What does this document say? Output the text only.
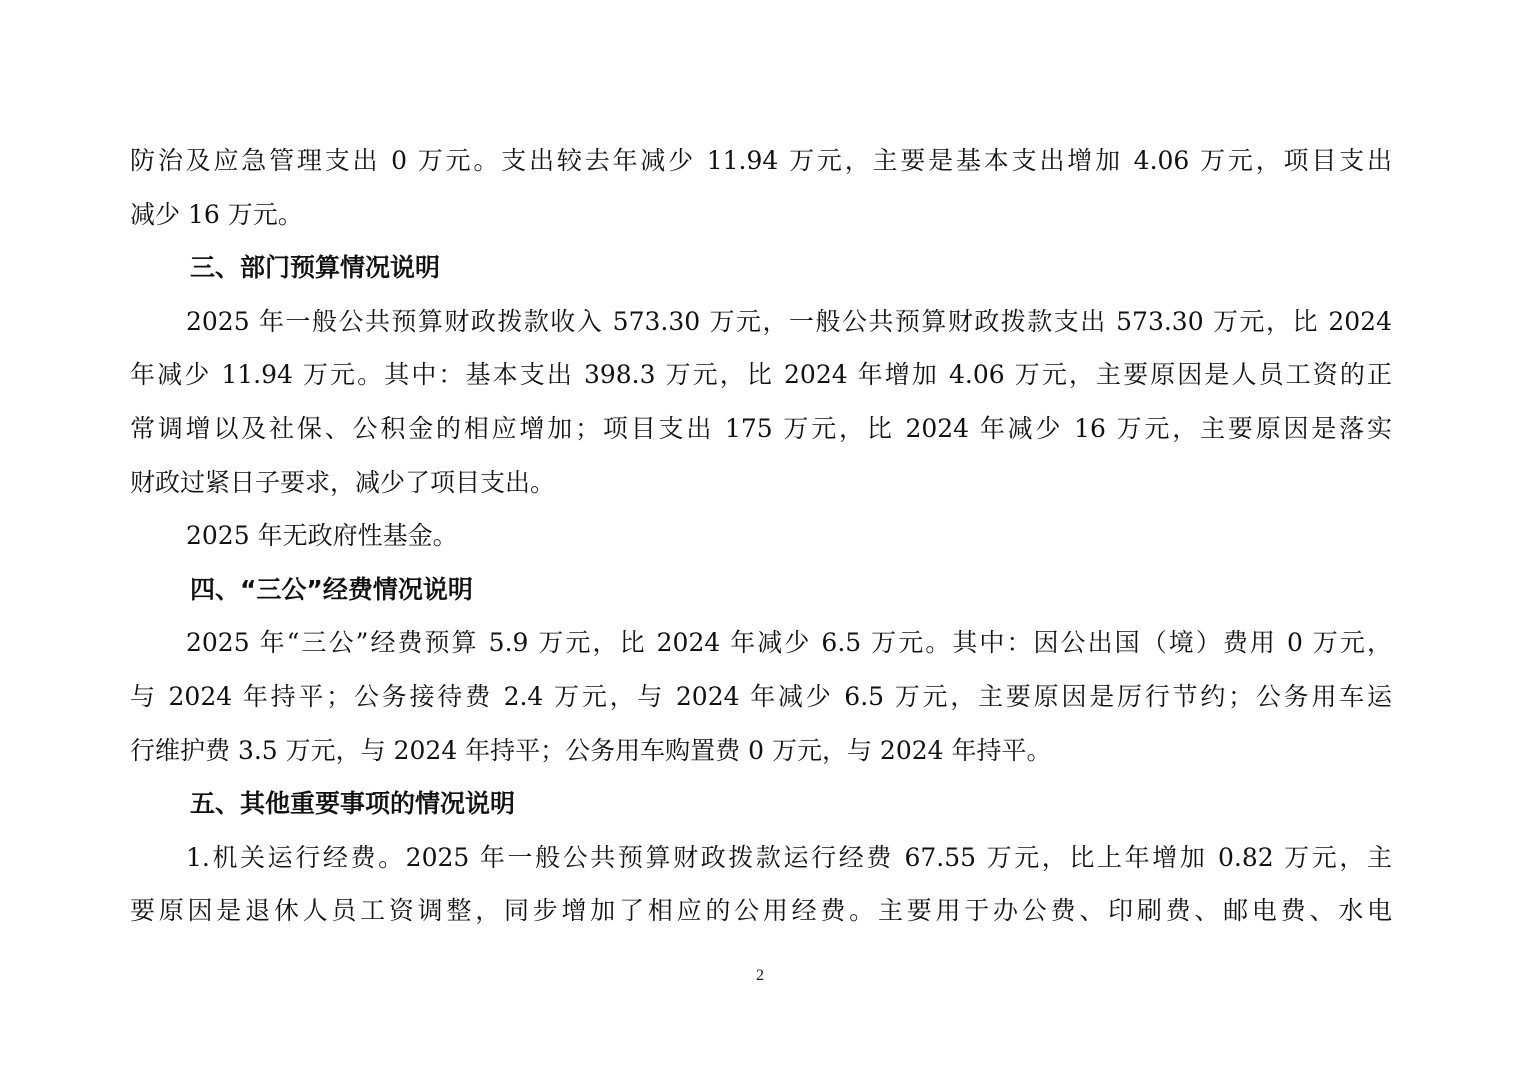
防治及应急管理支出 0 万元。支出较去年减少 11.94 万元，主要是基本支出增加 4.06 万元，项目支出
减少 16 万元。
三、部门预算情况说明
2025 年一般公共预算财政拨款收入 573.30 万元，一般公共预算财政拨款支出 573.30 万元，比 2024
年减少 11.94 万元。其中：基本支出 398.3 万元，比 2024 年增加 4.06 万元，主要原因是人员工资的正
常调增以及社保、公积金的相应增加；项目支出 175 万元，比 2024 年减少 16 万元，主要原因是落实
财政过紧日子要求，减少了项目支出。
2025 年无政府性基金。
四、“三公”经费情况说明
2025 年“三公”经费预算 5.9 万元，比 2024 年减少 6.5 万元。其中：因公出国（境）费用 0 万元，
与 2024 年持平；公务接待费 2.4 万元，与 2024 年减少 6.5 万元，主要原因是厉行节约；公务用车运
行维护费 3.5 万元，与 2024 年持平；公务用车购置费 0 万元，与 2024 年持平。
五、其他重要事项的情况说明
1.机关运行经费。2025 年一般公共预算财政拨款运行经费 67.55 万元，比上年增加 0.82 万元，主
要原因是退休人员工资调整，同步增加了相应的公用经费。主要用于办公费、印刷费、邮电费、水电
2
